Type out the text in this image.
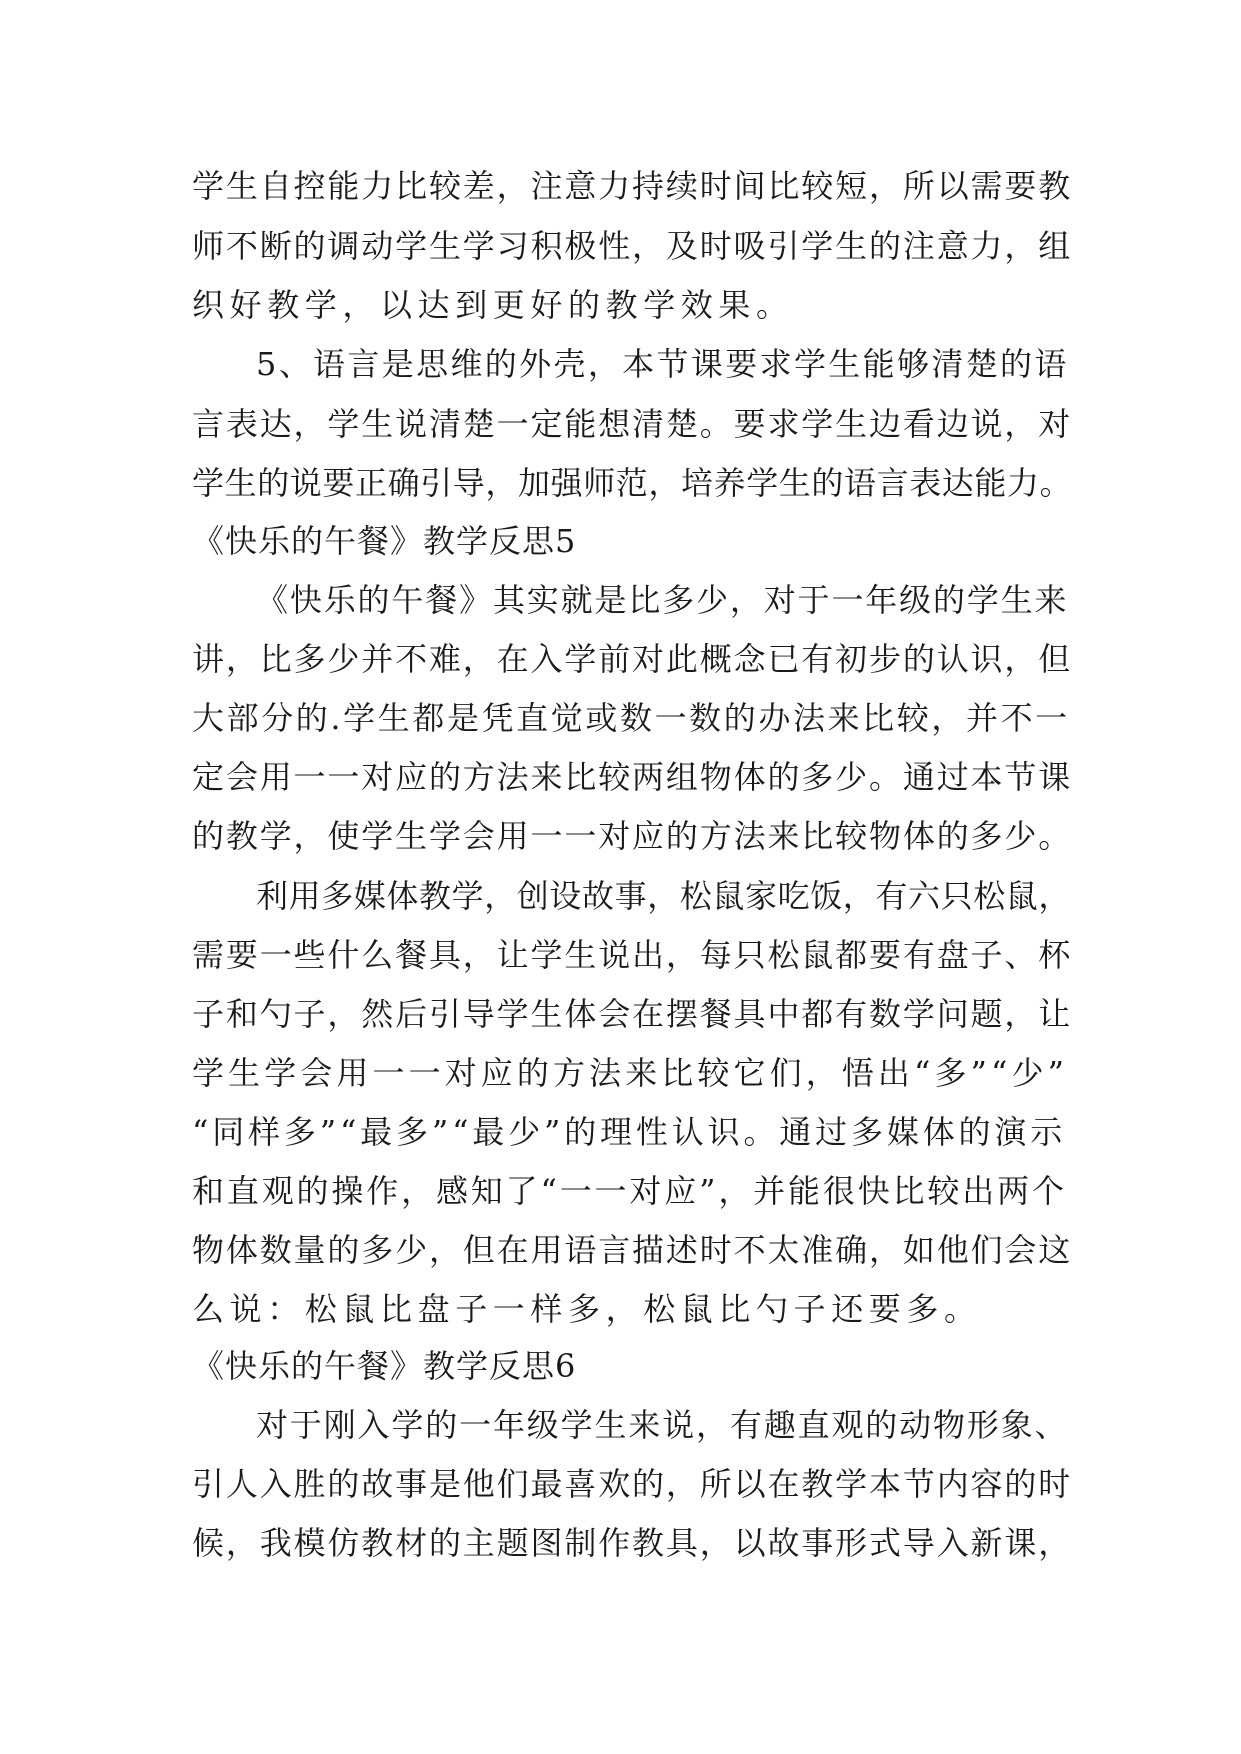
学生自控能力比较差，注意力持续时间比较短，所以需要教
师不断的调动学生学习积极性，及时吸引学生的注意力，组
织好教学，以达到更好的教学效果。
5、语言是思维的外壳，本节课要求学生能够清楚的语
言表达，学生说清楚一定能想清楚。要求学生边看边说，对
学生的说要正确引导，加强师范，培养学生的语言表达能力。
《快乐的午餐》教学反思5
《快乐的午餐》其实就是比多少，对于一年级的学生来
讲，比多少并不难，在入学前对此概念已有初步的认识，但
大部分的.学生都是凭直觉或数一数的办法来比较，并不一
定会用一一对应的方法来比较两组物体的多少。通过本节课
的教学，使学生学会用一一对应的方法来比较物体的多少。
利用多媒体教学，创设故事，松鼠家吃饭，有六只松鼠，
需要一些什么餐具，让学生说出，每只松鼠都要有盘子、杯
子和勺子，然后引导学生体会在摆餐具中都有数学问题，让
学生学会用一一对应的方法来比较它们，悟出“多”“少”
“同样多”“最多”“最少”的理性认识。通过多媒体的演示
和直观的操作，感知了“一一对应”，并能很快比较出两个
物体数量的多少，但在用语言描述时不太准确，如他们会这
么说：松鼠比盘子一样多，松鼠比勺子还要多。
《快乐的午餐》教学反思6
对于刚入学的一年级学生来说，有趣直观的动物形象、
引人入胜的故事是他们最喜欢的，所以在教学本节内容的时
候，我模仿教材的主题图制作教具，以故事形式导入新课，
